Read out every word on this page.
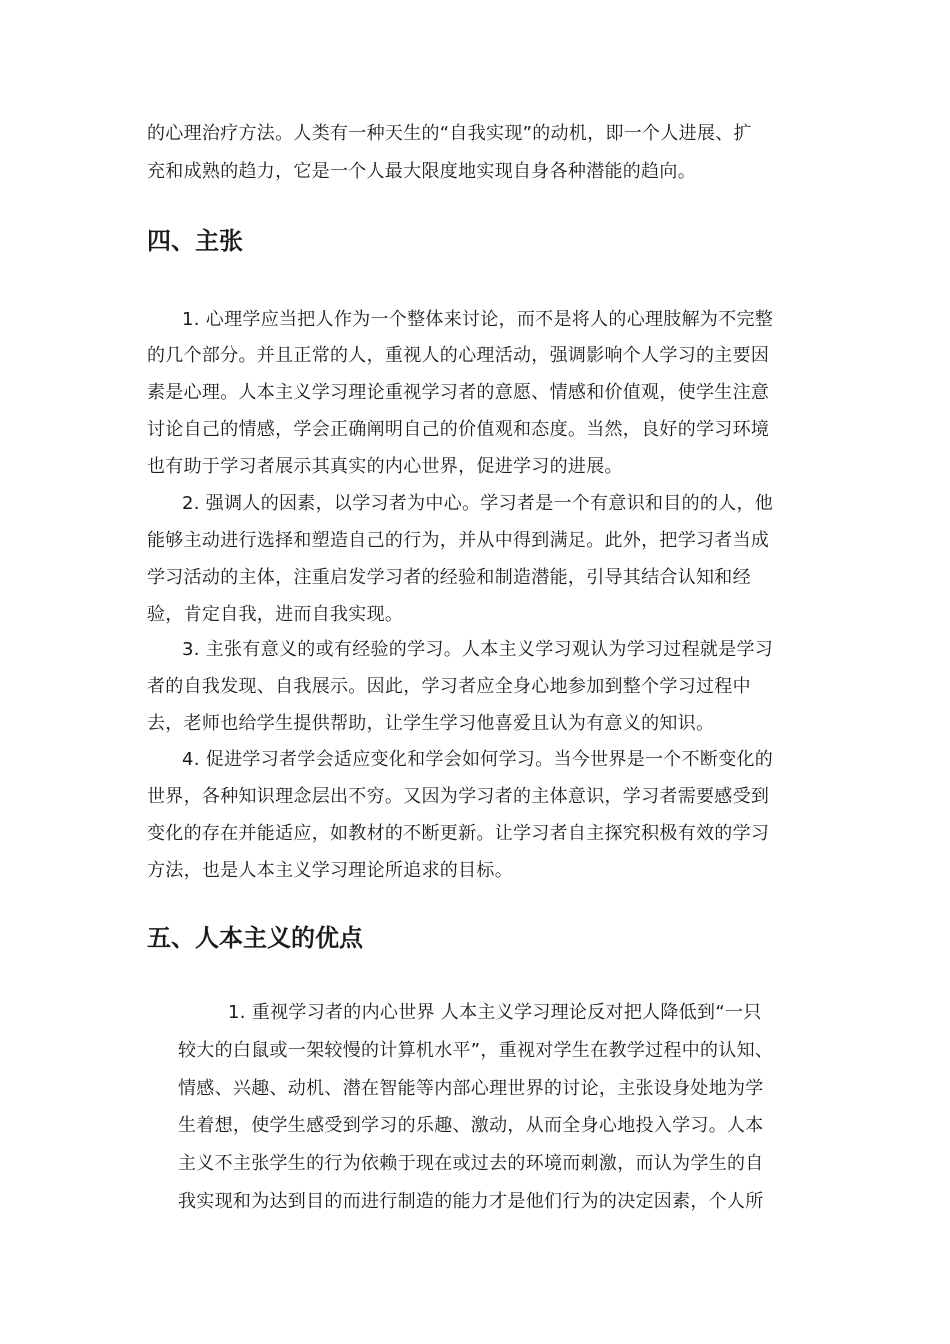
的心理治疗方法。人类有一种天生的“自我实现”的动机，即一个人进展、扩
充和成熟的趋力，它是一个人最大限度地实现自身各种潜能的趋向。
四、主张
1. 心理学应当把人作为一个整体来讨论，而不是将人的心理肢解为不完整
的几个部分。并且正常的人，重视人的心理活动，强调影响个人学习的主要因
素是心理。人本主义学习理论重视学习者的意愿、情感和价值观，使学生注意
讨论自己的情感，学会正确阐明自己的价值观和态度。当然，良好的学习环境
也有助于学习者展示其真实的内心世界，促进学习的进展。
2. 强调人的因素，以学习者为中心。学习者是一个有意识和目的的人，他
能够主动进行选择和塑造自己的行为，并从中得到满足。此外，把学习者当成
学习活动的主体，注重启发学习者的经验和制造潜能，引导其结合认知和经
验，肯定自我，进而自我实现。
3. 主张有意义的或有经验的学习。人本主义学习观认为学习过程就是学习
者的自我发现、自我展示。因此，学习者应全身心地参加到整个学习过程中
去，老师也给学生提供帮助，让学生学习他喜爱且认为有意义的知识。
4. 促进学习者学会适应变化和学会如何学习。当今世界是一个不断变化的
世界，各种知识理念层出不穷。又因为学习者的主体意识，学习者需要感受到
变化的存在并能适应，如教材的不断更新。让学习者自主探究积极有效的学习
方法，也是人本主义学习理论所追求的目标。
五、人本主义的优点
1. 重视学习者的内心世界 人本主义学习理论反对把人降低到“一只
较大的白鼠或一架较慢的计算机水平”，重视对学生在教学过程中的认知、
情感、兴趣、动机、潜在智能等内部心理世界的讨论，主张设身处地为学
生着想，使学生感受到学习的乐趣、激动，从而全身心地投入学习。人本
主义不主张学生的行为依赖于现在或过去的环境而刺激，而认为学生的自
我实现和为达到目的而进行制造的能力才是他们行为的决定因素，个人所
